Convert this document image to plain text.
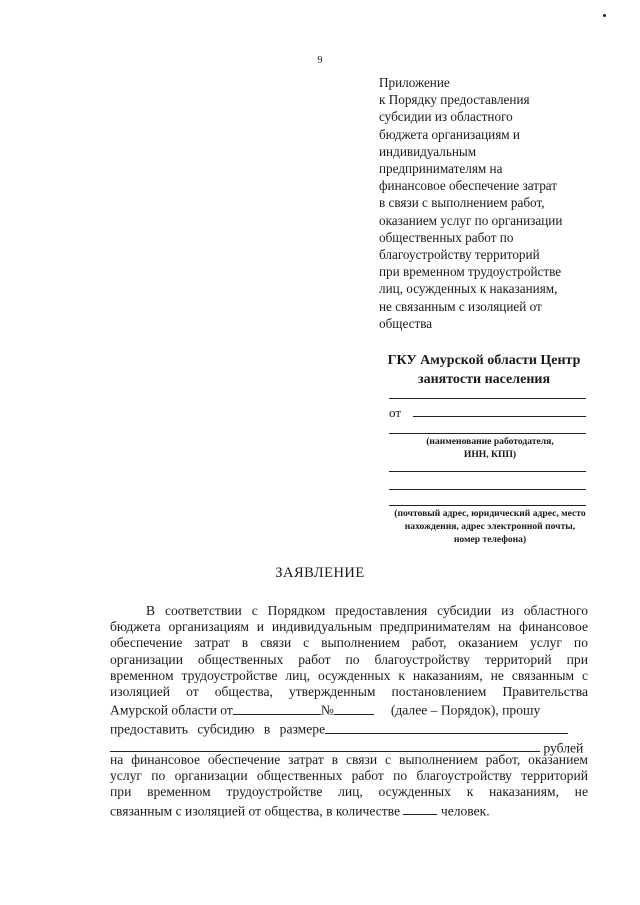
9
Приложение
к Порядку предоставления
субсидии из областного
бюджета организациям и
индивидуальным
предпринимателям на
финансовое обеспечение затрат
в связи с выполнением работ,
оказанием услуг по организации
общественных работ по
благоустройству территорий
при временном трудоустройстве
лиц, осужденных к наказаниям,
не связанным с изоляцией от
общества
ГКУ Амурской области Центр
занятости населения
от
(наименование работодателя,
ИНН, КПП)
(почтовый адрес, юридический адрес, место
нахождения, адрес электронной почты,
номер телефона)
ЗАЯВЛЕНИЕ
В соответствии с Порядком предоставления субсидии из областного
бюджета организациям и индивидуальным предпринимателям на финансовое
обеспечение затрат в связи с выполнением работ, оказанием услуг по
организации общественных работ по благоустройству территорий при
временном трудоустройстве лиц, осужденных к наказаниям, не связанным с
изоляцией от общества, утвержденным постановлением Правительства
Амурской области от	№	(далее – Порядок), прошу
предоставить субсидию в размере
рублей
на финансовое обеспечение затрат в связи с выполнением работ, оказанием
услуг по организации общественных работ по благоустройству территорий
при временном трудоустройстве лиц, осужденных к наказаниям, не
связанным с изоляцией от общества, в количестве	человек.
